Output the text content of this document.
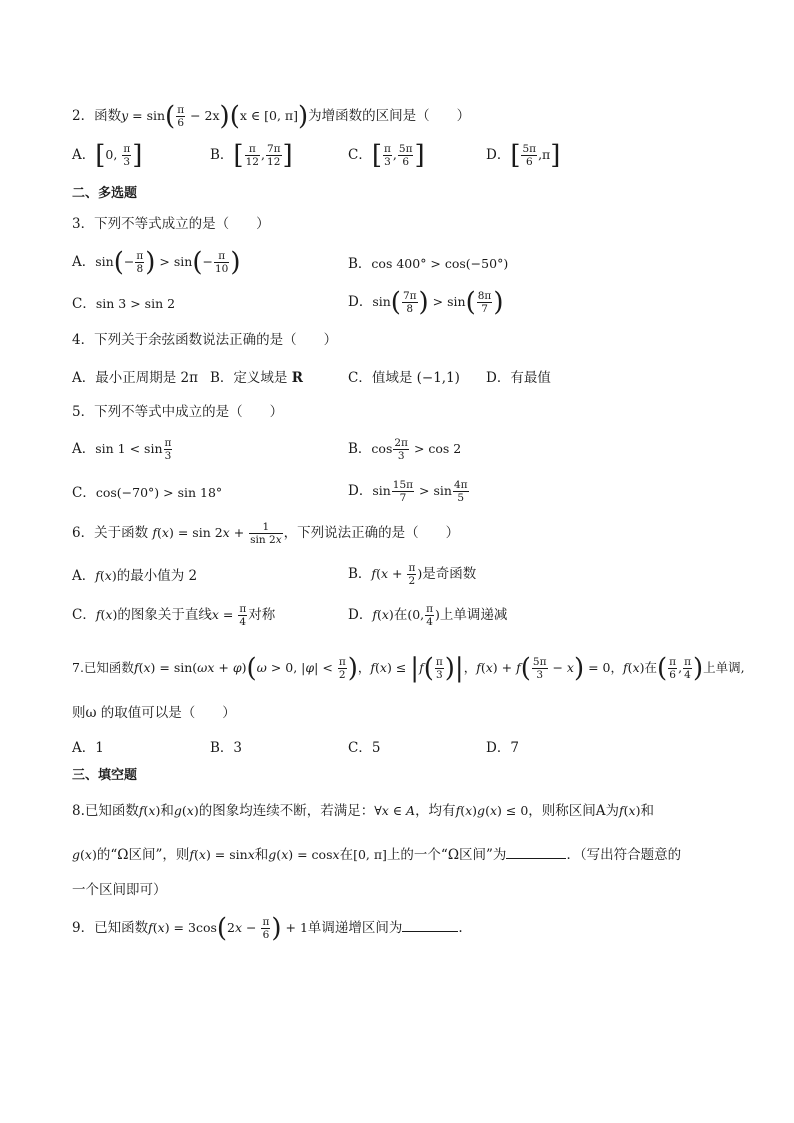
2．函数$y = \sin( \frac{\pi}{6} - 2x)(x$ ∈ [0, π])为增函数的区间是（　　）
A．[0, $\frac{\pi}{3}$ ]	B．[ $\frac{\pi}{12}$ , $\frac{7\pi}{12}$ ]	C．[ $\frac{\pi}{3}$ , $\frac{5\pi}{6}$ ]	D．[ $\frac{5\pi}{6} ,\pi$]
二、多选题
3．下列不等式成立的是（　　）
A．$\sin(- \frac{\pi}{8}$ ) > $\sin(- \frac{\pi}{10}$ )	B．cos 400° > cos(−50°)
C．sin 3 > sin 2	D．$\sin( \frac{7\pi}{8}$ ) > $\sin( \frac{8\pi}{7}$ )
4．下列关于余弦函数说法正确的是（　　）
A．最小正周期是 2π B．定义域是 R	C．值域是 (−1,1) D．有最值
5．下列不等式中成立的是（　　）
A．$\sin 1 < \sin \frac{\pi}{3}$	B．$\cos \frac{2\pi}{3} > \cos 2$
C．cos(−70°) > sin 18°	D．$\sin \frac{15\pi}{7} > \sin \frac{4\pi}{5}$
6．关于函数 $f(x) = \sin 2x + \frac{1}{\sin 2x}$ ，下列说法正确的是（　　）
A．f(x)的最小值为 2	B．$f(x + \frac{\pi}{2}$ )是奇函数
C．f(x)的图象关于直线$x = \frac{\pi}{4}$ 对称	D．f(x)在(0, $\frac{\pi}{4}$ )上单调递减
7.已知函数f(x) = sin(ωx + φ)(ω > 0, $|\varphi| < \frac{\pi}{2}$ )，$f(x) \le |f( \frac{\pi}{3}$ )|，$f(x) + f( \frac{5\pi}{3} - x) = 0$，f(x)在( $\frac{\pi}{6}$ , $\frac{\pi}{4}$ )上单调,
则ω 的取值可以是（　　）
A．1	B．3	C．5	D．7
三、填空题
8.已知函数f(x)和g(x)的图象均连续不断，若满足：∀x ∈ A，均有f(x)g(x) ≤ 0，则称区间A为f(x)和
g(x)的“Ω区间”，则f(x) = sinx和g(x) = cosx在[0, π]上的一个“Ω区间”为	．（写出符合题意的
一个区间即可）
9．已知函数$f(x) = 3\cos(2x - \frac{\pi}{6}$ ) + 1单调递增区间为	.
